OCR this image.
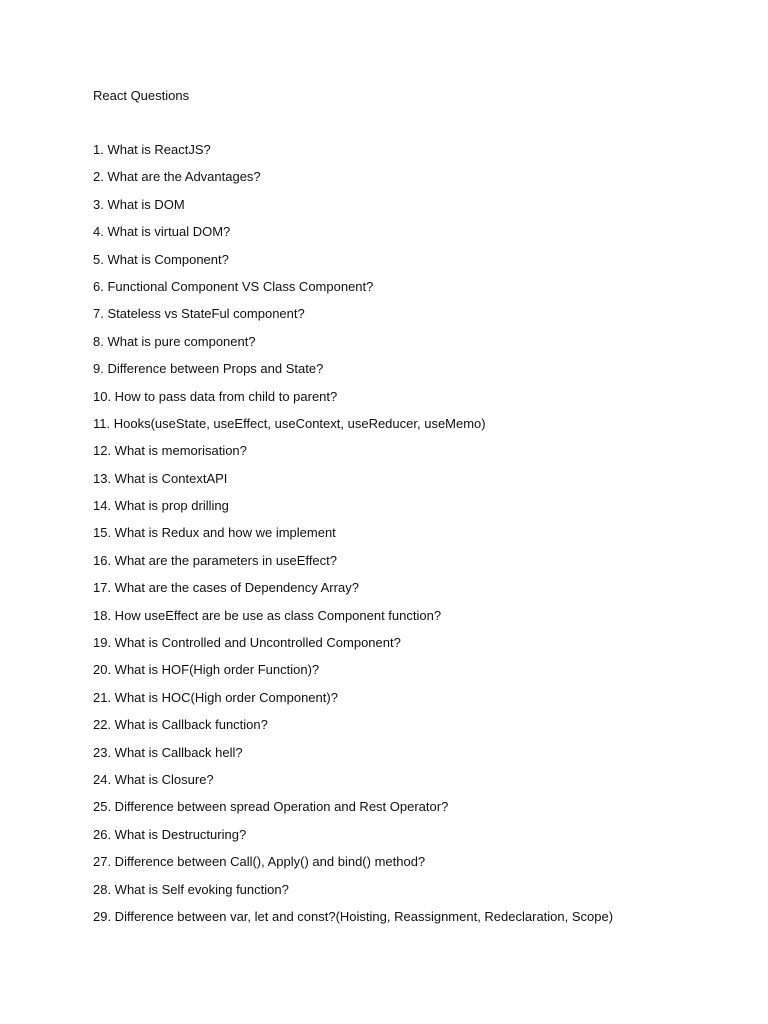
React Questions
1. What is ReactJS?
2. What are the Advantages?
3. What is DOM
4. What is virtual DOM?
5. What is Component?
6. Functional Component VS Class Component?
7. Stateless vs StateFul component?
8. What is pure component?
9. Difference between Props and State?
10. How to pass data from child to parent?
11. Hooks(useState, useEffect, useContext, useReducer, useMemo)
12. What is memorisation?
13. What is ContextAPI
14. What is prop drilling
15. What is Redux and how we implement
16. What are the parameters in useEffect?
17. What are the cases of Dependency Array?
18. How useEffect are be use as class Component function?
19. What is Controlled and Uncontrolled Component?
20. What is HOF(High order Function)?
21. What is HOC(High order Component)?
22. What is Callback function?
23. What is Callback hell?
24. What is Closure?
25. Difference between spread Operation and Rest Operator?
26. What is Destructuring?
27. Difference between Call(), Apply() and bind() method?
28. What is Self evoking function?
29. Difference between var, let and const?(Hoisting, Reassignment, Redeclaration, Scope)
